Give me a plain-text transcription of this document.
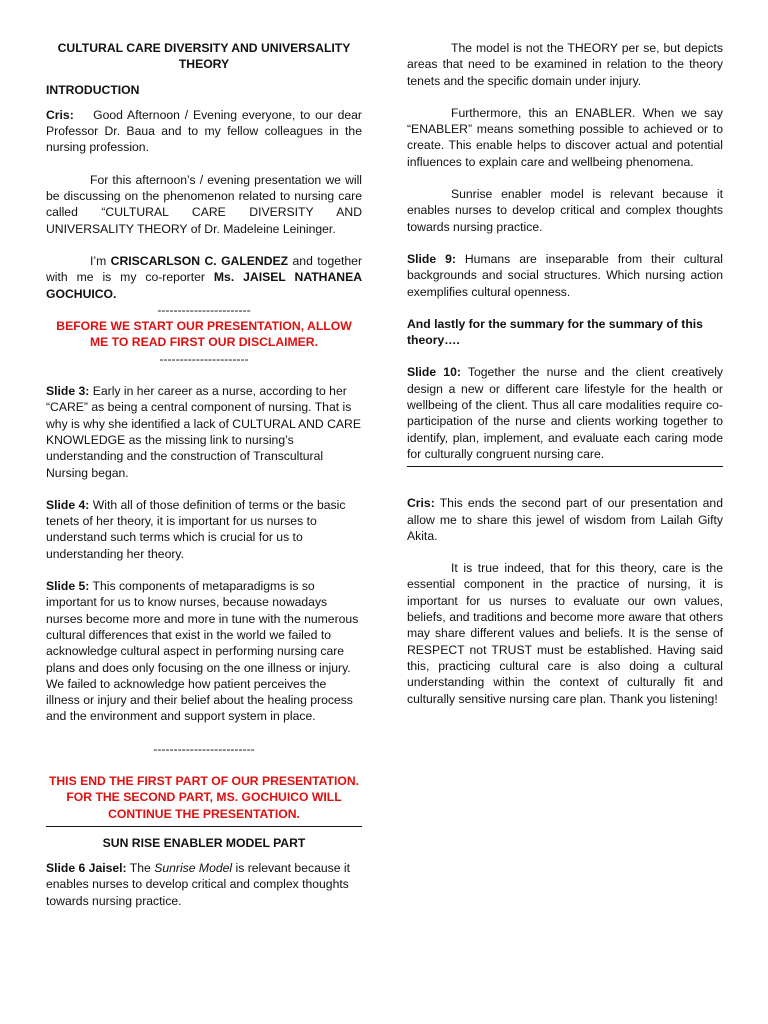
CULTURAL CARE DIVERSITY AND UNIVERSALITY THEORY
INTRODUCTION

Cris: Good Afternoon / Evening everyone, to our dear Professor Dr. Baua and to my fellow colleagues in the nursing profession.

For this afternoon’s / evening presentation we will be discussing on the phenomenon related to nursing care called “CULTURAL CARE DIVERSITY AND UNIVERSALITY THEORY of Dr. Madeleine Leininger.

I’m CRISCARLSON C. GALENDEZ and together with me is my co-reporter Ms. JAISEL NATHANEA GOCHUICO.

-----------------------
BEFORE WE START OUR PRESENTATION, ALLOW ME TO READ FIRST OUR DISCLAIMER.
----------------------

Slide 3: Early in her career as a nurse, according to her “CARE” as being a central component of nursing. That is why is why she identified a lack of CULTURAL AND CARE KNOWLEDGE as the missing link to nursing’s understanding and the construction of Transcultural Nursing began.

Slide 4: With all of those definition of terms or the basic tenets of her theory, it is important for us nurses to understand such terms which is crucial for us to understanding her theory.

Slide 5: This components of metaparadigms is so important for us to know nurses, because nowadays nurses become more and more in tune with the numerous cultural differences that exist in the world we failed to acknowledge cultural aspect in performing nursing care plans and does only focusing on the one illness or injury. We failed to acknowledge how patient perceives the illness or injury and their belief about the healing process and the environment and support system in place.

-------------------------
THIS END THE FIRST PART OF OUR PRESENTATION. FOR THE SECOND PART, MS. GOCHUICO WILL CONTINUE THE PRESENTATION.
SUN RISE ENABLER MODEL PART

Slide 6 Jaisel: The Sunrise Model is relevant because it enables nurses to develop critical and complex thoughts towards nursing practice.

The model is not the THEORY per se, but depicts areas that need to be examined in relation to the theory tenets and the specific domain under injury.

Furthermore, this an ENABLER. When we say “ENABLER” means something possible to achieved or to create. This enable helps to discover actual and potential influences to explain care and wellbeing phenomena.

Sunrise enabler model is relevant because it enables nurses to develop critical and complex thoughts towards nursing practice.

Slide 9: Humans are inseparable from their cultural backgrounds and social structures. Which nursing action exemplifies cultural openness.

And lastly for the summary for the summary of this theory….

Slide 10: Together the nurse and the client creatively design a new or different care lifestyle for the health or wellbeing of the client. Thus all care modalities require co-participation of the nurse and clients working together to identify, plan, implement, and evaluate each caring mode for culturally congruent nursing care.

Cris: This ends the second part of our presentation and allow me to share this jewel of wisdom from Lailah Gifty Akita.

It is true indeed, that for this theory, care is the essential component in the practice of nursing, it is important for us nurses to evaluate our own values, beliefs, and traditions and become more aware that others may share different values and beliefs. It is the sense of RESPECT not TRUST must be established. Having said this, practicing cultural care is also doing a cultural understanding within the context of culturally fit and culturally sensitive nursing care plan. Thank you listening!
